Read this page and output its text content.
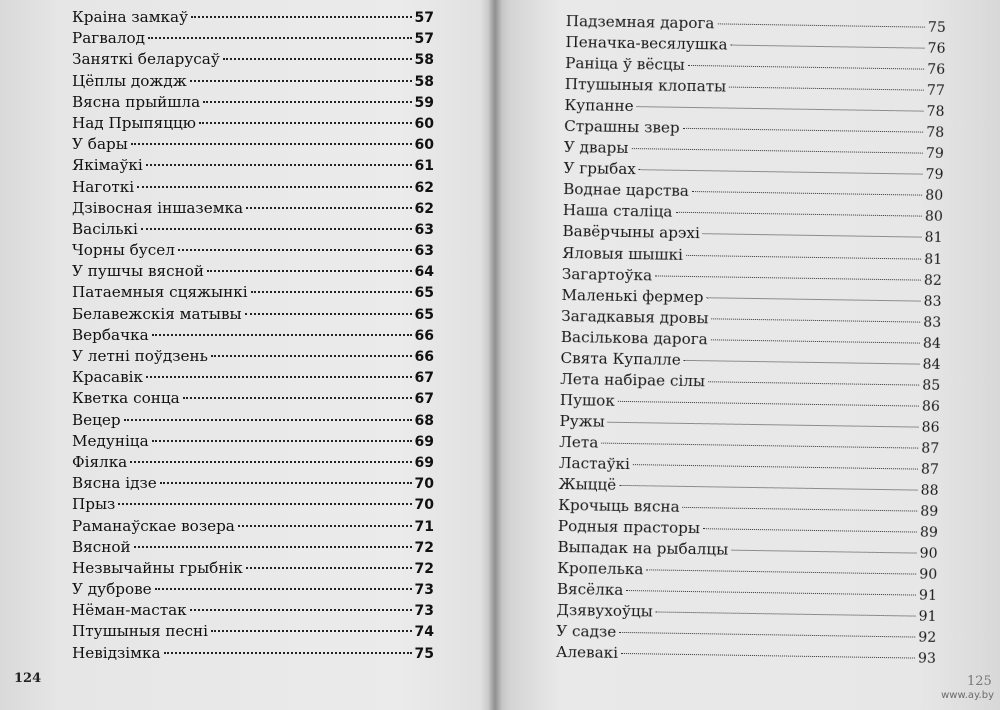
Краіна замкаў	57
Рагвалод	57
Заняткі беларусаў	58
Цёплы дождж	58
Вясна прыйшла	59
Над Прыпяццю	60
У бары	60
Якімаўкі	61
Наготкі	62
Дзівосная іншаземка	62
Васількі	63
Чорны бусел	63
У пушчы вясной	64
Патаемныя сцяжынкі	65
Белавежскія матывы	65
Вербачка	66
У летні поўдзень	66
Красавік	67
Кветка сонца	67
Вецер	68
Медуніца	69
Фіялка	69
Вясна ідзе	70
Прыз	70
Раманаўскае возера	71
Вясной	72
Незвычайны грыбнік	72
У дуброве	73
Нёман-мастак	73
Птушыныя песні	74
Невідзімка	75
124
Падземная дарога	75
Пеначка-весялушка	76
Раніца ў вёсцы	76
Птушыныя клопаты	77
Купанне	78
Страшны звер	78
У двары	79
У грыбах	79
Воднае царства	80
Наша сталіца	80
Вавёрчыны арэхі	81
Яловыя шышкі	81
Загартоўка	82
Маленькі фермер	83
Загадкавыя дровы	83
Васількова дарога	84
Свята Купалле	84
Лета набірае сілы	85
Пушок	86
Ружы	86
Лета	87
Ластаўкі	87
Жыццё	88
Крочыць вясна	89
Родныя прасторы	89
Выпадак на рыбалцы	90
Кропелька	90
Вясёлка	91
Дзявухоўцы	91
У садзе	92
Алевакі	93
125
www.ay.by
